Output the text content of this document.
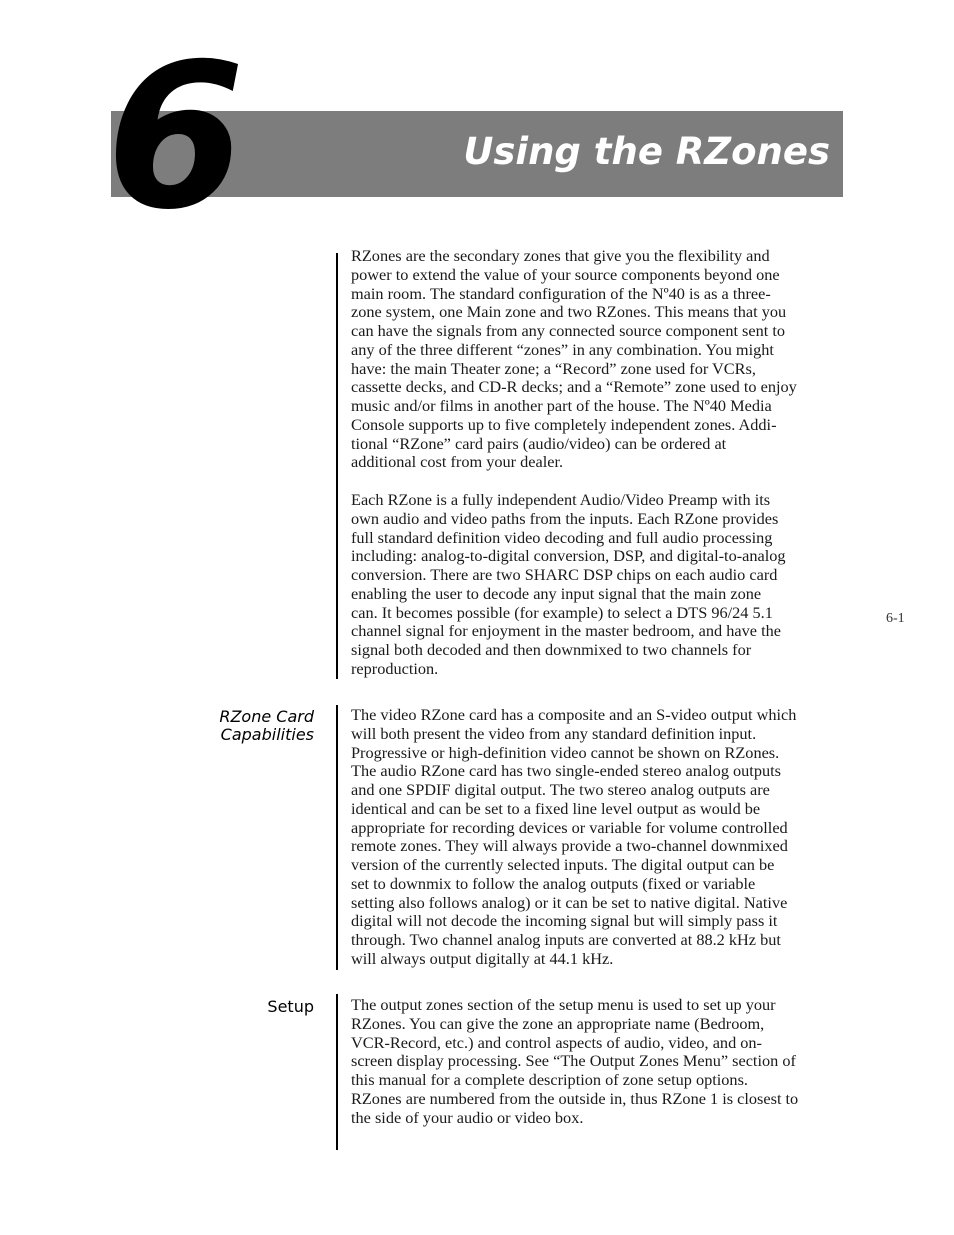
6	Using the RZones

RZones are the secondary zones that give you the flexibility and
power to extend the value of your source components beyond one
main room. The standard configuration of the Nº40 is as a three-
zone system, one Main zone and two RZones. This means that you
can have the signals from any connected source component sent to
any of the three different “zones” in any combination. You might
have: the main Theater zone; a “Record” zone used for VCRs,
cassette decks, and CD-R decks; and a “Remote” zone used to enjoy
music and/or films in another part of the house. The Nº40 Media
Console supports up to five completely independent zones. Addi-
tional “RZone” card pairs (audio/video) can be ordered at
additional cost from your dealer.

Each RZone is a fully independent Audio/Video Preamp with its
own audio and video paths from the inputs. Each RZone provides
full standard definition video decoding and full audio processing
including: analog-to-digital conversion, DSP, and digital-to-analog
conversion. There are two SHARC DSP chips on each audio card
enabling the user to decode any input signal that the main zone
can. It becomes possible (for example) to select a DTS 96/24 5.1
channel signal for enjoyment in the master bedroom, and have the
signal both decoded and then downmixed to two channels for
reproduction.

RZone Card
Capabilities

The video RZone card has a composite and an S-video output which
will both present the video from any standard definition input.
Progressive or high-definition video cannot be shown on RZones.
The audio RZone card has two single-ended stereo analog outputs
and one SPDIF digital output. The two stereo analog outputs are
identical and can be set to a fixed line level output as would be
appropriate for recording devices or variable for volume controlled
remote zones. They will always provide a two-channel downmixed
version of the currently selected inputs. The digital output can be
set to downmix to follow the analog outputs (fixed or variable
setting also follows analog) or it can be set to native digital. Native
digital will not decode the incoming signal but will simply pass it
through. Two channel analog inputs are converted at 88.2 kHz but
will always output digitally at 44.1 kHz.

Setup The output zones section of the setup menu is used to set up your
RZones. You can give the zone an appropriate name (Bedroom,
VCR-Record, etc.) and control aspects of audio, video, and on-
screen display processing. See “The Output Zones Menu” section of
this manual for a complete description of zone setup options.
RZones are numbered from the outside in, thus RZone 1 is closest to
the side of your audio or video box.

6-1
